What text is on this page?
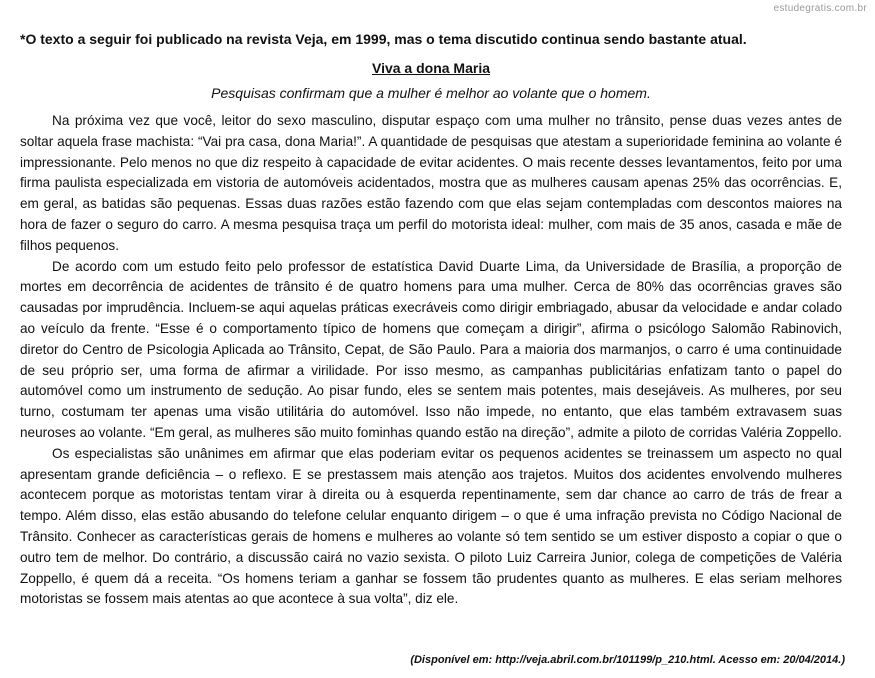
estudegratis.com.br

*O texto a seguir foi publicado na revista Veja, em 1999, mas o tema discutido continua sendo bastante atual.

Viva a dona Maria

Pesquisas confirmam que a mulher é melhor ao volante que o homem.

Na próxima vez que você, leitor do sexo masculino, disputar espaço com uma mulher no trânsito, pense duas vezes antes de soltar aquela frase machista: “Vai pra casa, dona Maria!”. A quantidade de pesquisas que atestam a superioridade feminina ao volante é impressionante. Pelo menos no que diz respeito à capacidade de evitar acidentes. O mais recente desses levantamentos, feito por uma firma paulista especializada em vistoria de automóveis acidentados, mostra que as mulheres causam apenas 25% das ocorrências. E, em geral, as batidas são pequenas. Essas duas razões estão fazendo com que elas sejam contempladas com descontos maiores na hora de fazer o seguro do carro. A mesma pesquisa traça um perfil do motorista ideal: mulher, com mais de 35 anos, casada e mãe de filhos pequenos.

De acordo com um estudo feito pelo professor de estatística David Duarte Lima, da Universidade de Brasília, a proporção de mortes em decorrência de acidentes de trânsito é de quatro homens para uma mulher. Cerca de 80% das ocorrências graves são causadas por imprudência. Incluem-se aqui aquelas práticas execráveis como dirigir embriagado, abusar da velocidade e andar colado ao veículo da frente. “Esse é o comportamento típico de homens que começam a dirigir”, afirma o psicólogo Salomão Rabinovich, diretor do Centro de Psicologia Aplicada ao Trânsito, Cepat, de São Paulo. Para a maioria dos marmanjos, o carro é uma continuidade de seu próprio ser, uma forma de afirmar a virilidade. Por isso mesmo, as campanhas publicitárias enfatizam tanto o papel do automóvel como um instrumento de sedução. Ao pisar fundo, eles se sentem mais potentes, mais desejáveis. As mulheres, por seu turno, costumam ter apenas uma visão utilitária do automóvel. Isso não impede, no entanto, que elas também extravasem suas neuroses ao volante. “Em geral, as mulheres são muito fominhas quando estão na direção”, admite a piloto de corridas Valéria Zoppello.

Os especialistas são unânimes em afirmar que elas poderiam evitar os pequenos acidentes se treinassem um aspecto no qual apresentam grande deficiência – o reflexo. E se prestassem mais atenção aos trajetos. Muitos dos acidentes envolvendo mulheres acontecem porque as motoristas tentam virar à direita ou à esquerda repentinamente, sem dar chance ao carro de trás de frear a tempo. Além disso, elas estão abusando do telefone celular enquanto dirigem – o que é uma infração prevista no Código Nacional de Trânsito. Conhecer as características gerais de homens e mulheres ao volante só tem sentido se um estiver disposto a copiar o que o outro tem de melhor. Do contrário, a discussão cairá no vazio sexista. O piloto Luiz Carreira Junior, colega de competições de Valéria Zoppello, é quem dá a receita. “Os homens teriam a ganhar se fossem tão prudentes quanto as mulheres. E elas seriam melhores motoristas se fossem mais atentas ao que acontece à sua volta”, diz ele.

(Disponível em: http://veja.abril.com.br/101199/p_210.html. Acesso em: 20/04/2014.)
